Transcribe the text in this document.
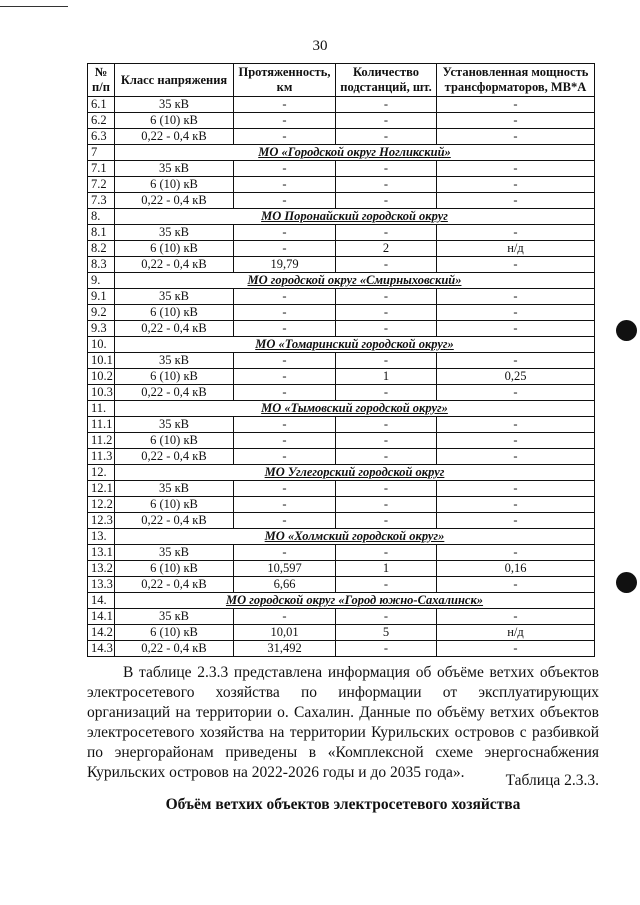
30
№ п/п	Класс напряжения	Протяженность, км	Количество подстанций, шт.	Установленная мощность трансформаторов, МВ*А
6.1	35 кВ	-	-	-
6.2	6 (10) кВ	-	-	-
6.3	0,22 - 0,4 кВ	-	-	-
7	МО «Городской округ Ногликский»			
7.1	35 кВ	-	-	-
7.2	6 (10) кВ	-	-	-
7.3	0,22 - 0,4 кВ	-	-	-
8.	МО Поронайский городской округ			
8.1	35 кВ	-	-	-
8.2	6 (10) кВ	-	2	н/д
8.3	0,22 - 0,4 кВ	19,79	-	-
9.	МО городской округ «Смирныховский»			
9.1	35 кВ	-	-	-
9.2	6 (10) кВ	-	-	-
9.3	0,22 - 0,4 кВ	-	-	-
10.	МО «Томаринский городской округ»			
10.1	35 кВ	-	-	-
10.2	6 (10) кВ	-	1	0,25
10.3	0,22 - 0,4 кВ	-	-	-
11.	МО «Тымовский городской округ»			
11.1	35 кВ	-	-	-
11.2	6 (10) кВ	-	-	-
11.3	0,22 - 0,4 кВ	-	-	-
12.	МО Углегорский городской округ			
12.1	35 кВ	-	-	-
12.2	6 (10) кВ	-	-	-
12.3	0,22 - 0,4 кВ	-	-	-
13.	МО «Холмский городской округ»			
13.1	35 кВ	-	-	-
13.2	6 (10) кВ	10,597	1	0,16
13.3	0,22 - 0,4 кВ	6,66	-	-
14.	МО городской округ «Город южно-Сахалинск»			
14.1	35 кВ	-	-	-
14.2	6 (10) кВ	10,01	5	н/д
14.3	0,22 - 0,4 кВ	31,492	-	-

В таблице 2.3.3 представлена информация об объёме ветхих объектов электросетевого хозяйства по информации от эксплуатирующих организаций на территории о. Сахалин. Данные по объёму ветхих объектов электросетевого хозяйства на территории Курильских островов с разбивкой по энергорайонам приведены в «Комплексной схеме энергоснабжения Курильских островов на 2022-2026 годы и до 2035 года».	Таблица 2.3.3.
Объём ветхих объектов электросетевого хозяйства
